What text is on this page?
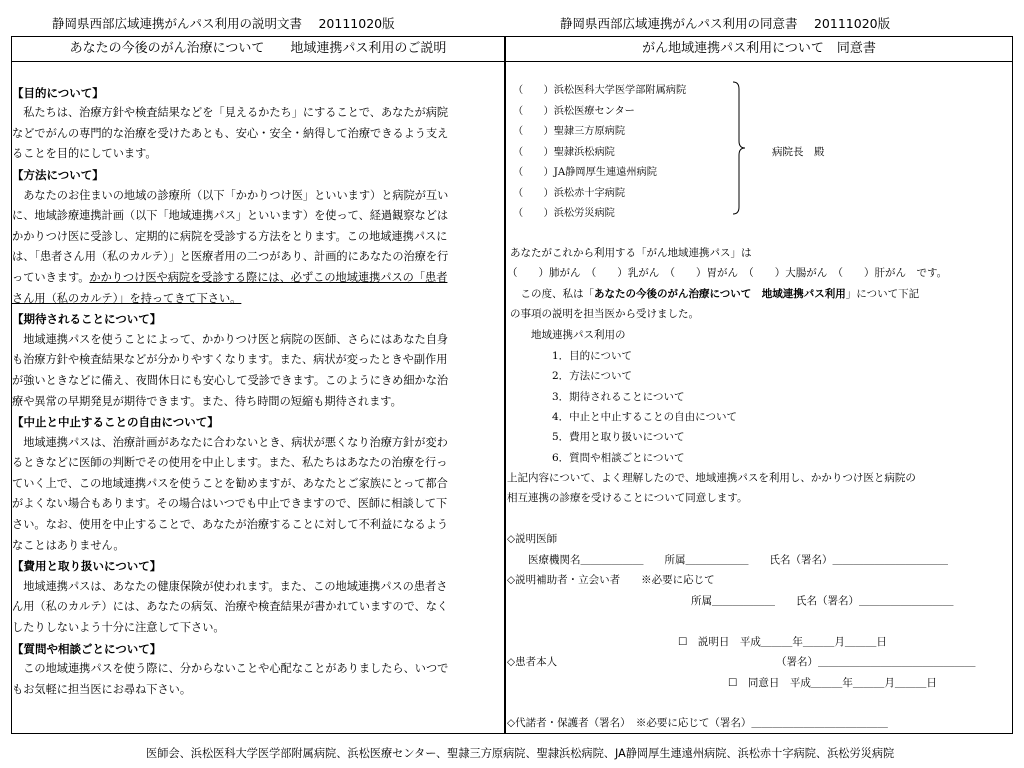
静岡県西部広域連携がんパス利用の説明文書　 20111020版	静岡県西部広域連携がんパス利用の同意書　 20111020版
あなたの今後のがん治療について　　地域連携パス利用のご説明
【目的について】
　私たちは、治療方針や検査結果などを「見えるかたち」にすることで、あなたが病院
などでがんの専門的な治療を受けたあとも、安心・安全・納得して治療できるよう支え
ることを目的にしています。
【方法について】
　あなたのお住まいの地域の診療所（以下「かかりつけ医」といいます）と病院が互い
に、地域診療連携計画（以下「地域連携パス」といいます）を使って、経過観察などは
かかりつけ医に受診し、定期的に病院を受診する方法をとります。この地域連携パスに
は、「患者さん用（私のカルテ）」と医療者用の二つがあり、計画的にあなたの治療を行
っていきます。かかりつけ医や病院を受診する際には、必ずこの地域連携パスの「患者
さん用（私のカルテ）」を持ってきて下さい。
【期待されることについて】
　地域連携パスを使うことによって、かかりつけ医と病院の医師、さらにはあなた自身
も治療方針や検査結果などが分かりやすくなります。また、病状が変ったときや副作用
が強いときなどに備え、夜間休日にも安心して受診できます。このようにきめ細かな治
療や異常の早期発見が期待できます。また、待ち時間の短縮も期待されます。
【中止と中止することの自由について】
　地域連携パスは、治療計画があなたに合わないとき、病状が悪くなり治療方針が変わ
るときなどに医師の判断でその使用を中止します。また、私たちはあなたの治療を行っ
ていく上で、この地域連携パスを使うことを勧めますが、あなたとご家族にとって都合
がよくない場合もあります。その場合はいつでも中止できますので、医師に相談して下
さい。なお、使用を中止することで、あなたが治療することに対して不利益になるよう
なことはありません。
【費用と取り扱いについて】
　地域連携パスは、あなたの健康保険が使われます。また、この地域連携パスの患者さ
ん用（私のカルテ）には、あなたの病気、治療や検査結果が書かれていますので、なく
したりしないよう十分に注意して下さい。
【質問や相談ごとについて】
　この地域連携パスを使う際に、分からないことや心配なことがありましたら、いつで
もお気軽に担当医にお尋ね下さい。
がん地域連携パス利用について　同意書
（　　）浜松医科大学医学部附属病院
（　　）浜松医療センター
（　　）聖隷三方原病院
（　　）聖隷浜松病院
（　　）JA静岡厚生連遠州病院
（　　）浜松赤十字病院
（　　）浜松労災病院
病院長　殿
あなたがこれから利用する「がん地域連携パス」は
（　　）肺がん　（　　）乳がん　（　　）胃がん　（　　）大腸がん　（　　）肝がん　です。
　この度、私は「あなたの今後のがん治療について　地域連携パス利用」について下記
の事項の説明を担当医から受けました。
　　地域連携パス利用の
　　　　1．目的について
　　　　2．方法について
　　　　3．期待されることについて
　　　　4．中止と中止することの自由について
　　　　5．費用と取り扱いについて
　　　　6．質問や相談ごとについて
上記内容について、よく理解したので、地域連携パスを利用し、かかりつけ医と病院の
相互連携の診療を受けることについて同意します。
◇説明医師
　　医療機関名＿＿＿＿＿＿　　所属＿＿＿＿＿＿　　氏名（署名）＿＿＿＿＿＿＿＿＿＿＿
◇説明補助者・立会い者　　※必要に応じて
所属＿＿＿＿＿＿　　氏名（署名）＿＿＿＿＿＿＿＿＿
☐　説明日　平成＿＿＿年＿＿＿月＿＿＿日
◇患者本人	（署名）＿＿＿＿＿＿＿＿＿＿＿＿＿＿＿
☐　同意日　平成＿＿＿年＿＿＿月＿＿＿日
◇代諾者・保護者（署名）　※必要に応じて（署名）＿＿＿＿＿＿＿＿＿＿＿＿＿
医師会、浜松医科大学医学部附属病院、浜松医療センター、聖隷三方原病院、聖隷浜松病院、JA静岡厚生連遠州病院、浜松赤十字病院、浜松労災病院
